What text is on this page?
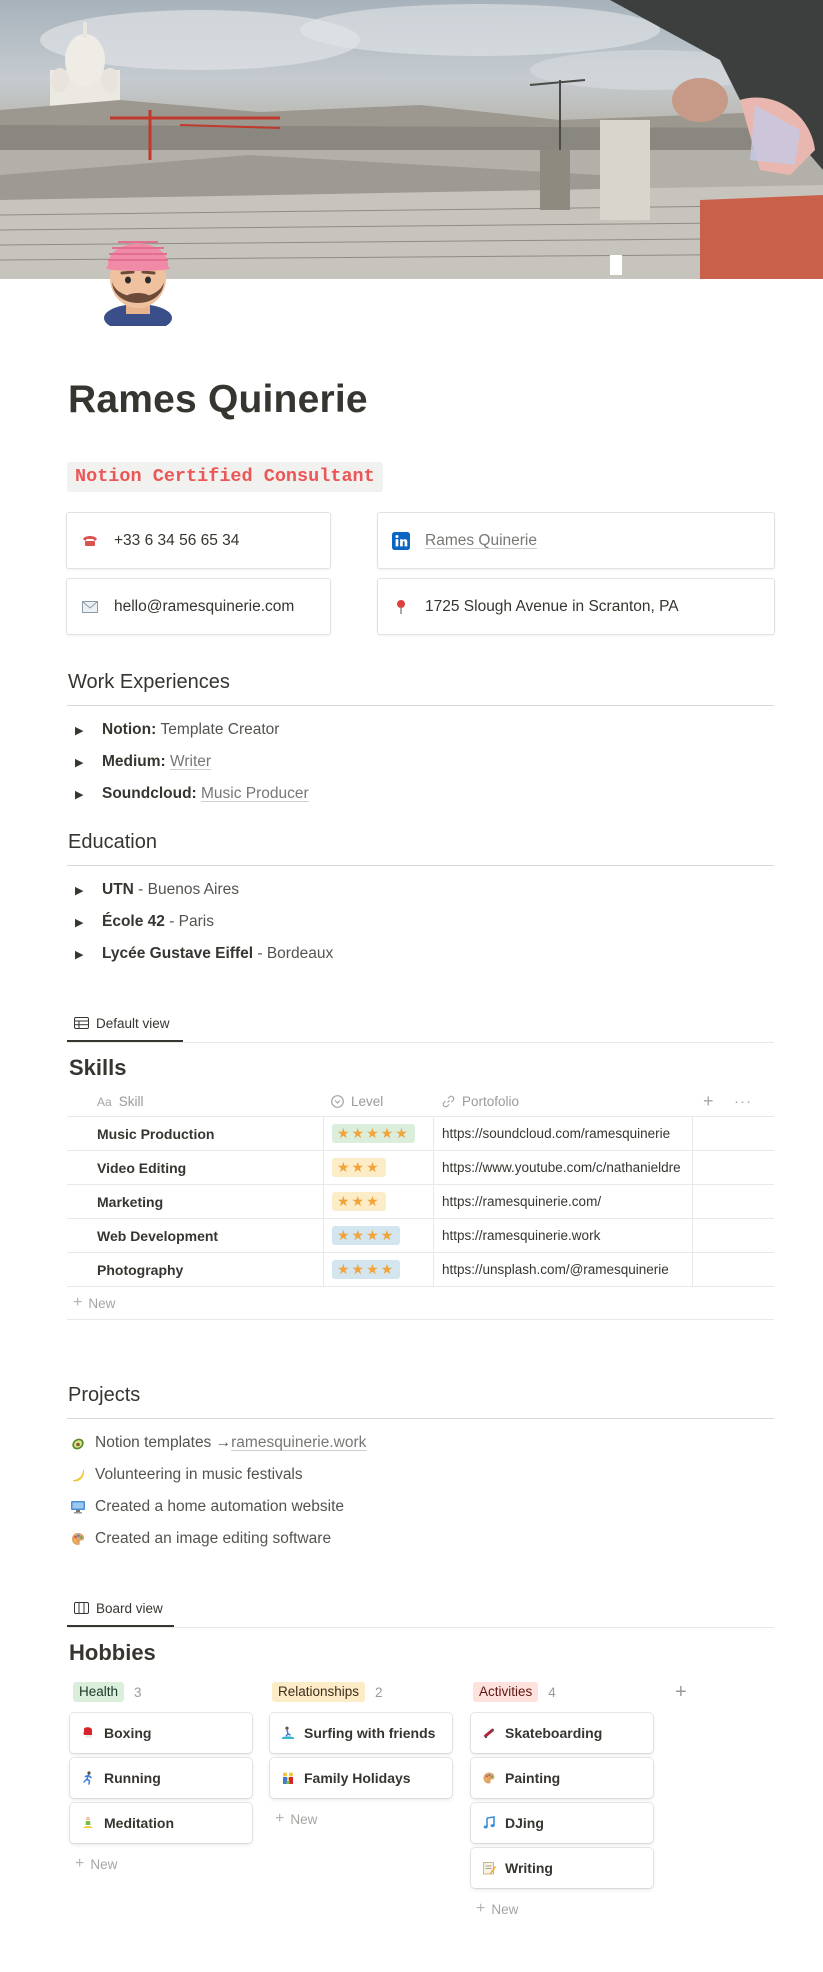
Rames Quinerie
Notion Certified Consultant
+33 6 34 56 65 34	Rames Quinerie
hello@ramesquinerie.com	1725 Slough Avenue in Scranton, PA
Work Experiences
▶ Notion:
Template Creator
▶ Medium:
Writer
▶ Soundcloud:
Music Producer
Education
▶ UTN
- Buenos Aires
▶ École 42
- Paris
▶ Lycée Gustave Eiffel
- Bordeaux
Default view
Skills
Aa Skill	Level	Portofolio	+ ···
Music Production	★★★★★	https://soundcloud.com/ramesquinerie
Video Editing	★★★	https://www.youtube.com/c/nathanieldre
Marketing	★★★	https://ramesquinerie.com/
Web Development	★★★★	https://ramesquinerie.work
Photography	★★★★	https://unsplash.com/@ramesquinerie
+ New
Projects
Notion templates → ramesquinerie.work
Volunteering in music festivals
Created a home automation website
Created an image editing software
Board view
Hobbies
Health	3
Boxing
Running
Meditation
+ New
Relationships	2
Surfing with friends
Family Holidays
+ New
Activities	4
Skateboarding
Painting
DJing
Writing
+ New
+
